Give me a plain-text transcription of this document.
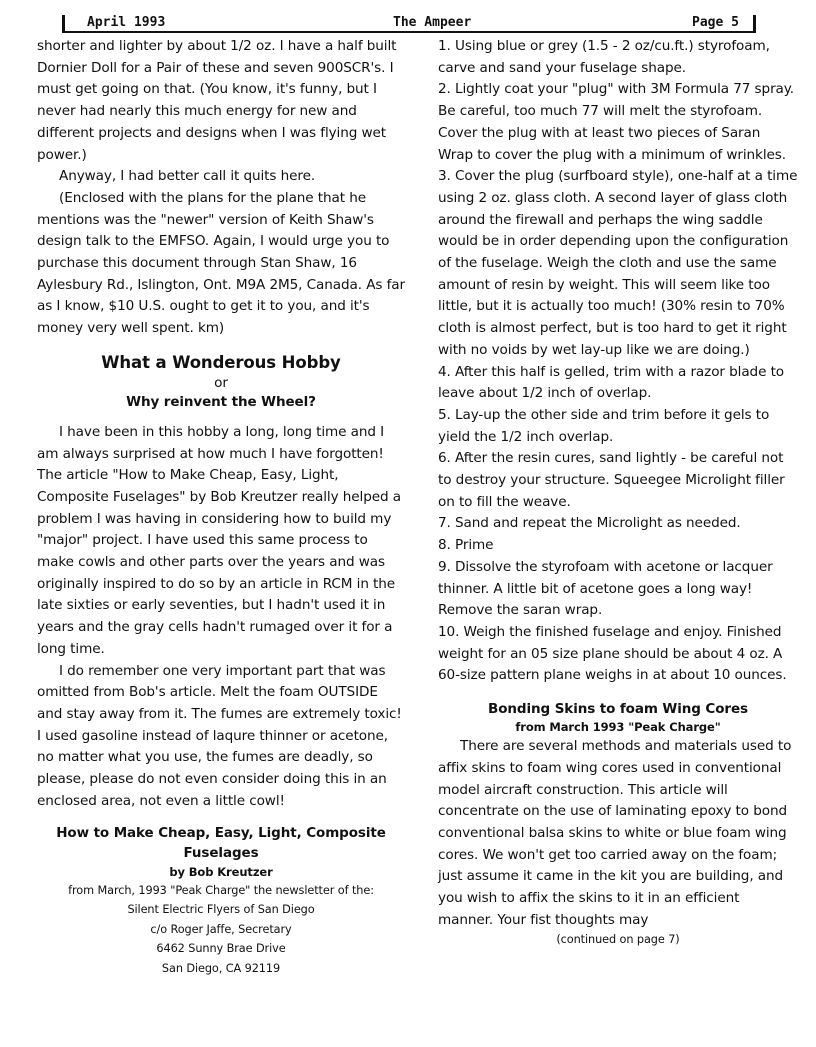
April 1993	The Ampeer	Page 5

shorter and lighter by about 1/2 oz. I have a half built Dornier Doll for a Pair of these and seven 900SCR's. I must get going on that. (You know, it's funny, but I never had nearly this much energy for new and different projects and designs when I was flying wet power.)

Anyway, I had better call it quits here.

(Enclosed with the plans for the plane that he mentions was the "newer" version of Keith Shaw's design talk to the EMFSO. Again, I would urge you to purchase this document through Stan Shaw, 16 Aylesbury Rd., Islington, Ont. M9A 2M5, Canada. As far as I know, $10 U.S. ought to get it to you, and it's money very well spent. km)

What a Wonderous Hobby
or
Why reinvent the Wheel?

I have been in this hobby a long, long time and I am always surprised at how much I have forgotten! The article "How to Make Cheap, Easy, Light, Composite Fuselages" by Bob Kreutzer really helped a problem I was having in considering how to build my "major" project. I have used this same process to make cowls and other parts over the years and was originally inspired to do so by an article in RCM in the late sixties or early seventies, but I hadn't used it in years and the gray cells hadn't rumaged over it for a long time.

I do remember one very important part that was omitted from Bob's article. Melt the foam OUTSIDE and stay away from it. The fumes are extremely toxic! I used gasoline instead of laqure thinner or acetone, no matter what you use, the fumes are deadly, so please, please do not even consider doing this in an enclosed area, not even a little cowl!

How to Make Cheap, Easy, Light, Composite Fuselages
by Bob Kreutzer
from March, 1993 "Peak Charge" the newsletter of the:
Silent Electric Flyers of San Diego
c/o Roger Jaffe, Secretary
6462 Sunny Brae Drive
San Diego, CA 92119

1. Using blue or grey (1.5 - 2 oz/cu.ft.) styrofoam, carve and sand your fuselage shape.

2. Lightly coat your "plug" with 3M Formula 77 spray. Be careful, too much 77 will melt the styrofoam. Cover the plug with at least two pieces of Saran Wrap to cover the plug with a minimum of wrinkles.

3. Cover the plug (surfboard style), one-half at a time using 2 oz. glass cloth. A second layer of glass cloth around the firewall and perhaps the wing saddle would be in order depending upon the configuration of the fuselage. Weigh the cloth and use the same amount of resin by weight. This will seem like too little, but it is actually too much! (30% resin to 70% cloth is almost perfect, but is too hard to get it right with no voids by wet lay-up like we are doing.)

4. After this half is gelled, trim with a razor blade to leave about 1/2 inch of overlap.

5. Lay-up the other side and trim before it gels to yield the 1/2 inch overlap.

6. After the resin cures, sand lightly - be careful not to destroy your structure. Squeegee Microlight filler on to fill the weave.

7. Sand and repeat the Microlight as needed.

8. Prime

9. Dissolve the styrofoam with acetone or lacquer thinner. A little bit of acetone goes a long way! Remove the saran wrap.

10. Weigh the finished fuselage and enjoy. Finished weight for an 05 size plane should be about 4 oz. A 60-size pattern plane weighs in at about 10 ounces.

Bonding Skins to foam Wing Cores
from March 1993 "Peak Charge"

There are several methods and materials used to affix skins to foam wing cores used in conventional model aircraft construction. This article will concentrate on the use of laminating epoxy to bond conventional balsa skins to white or blue foam wing cores. We won't get too carried away on the foam; just assume it came in the kit you are building, and you wish to affix the skins to it in an efficient manner. Your fist thoughts may

(continued on page 7)
